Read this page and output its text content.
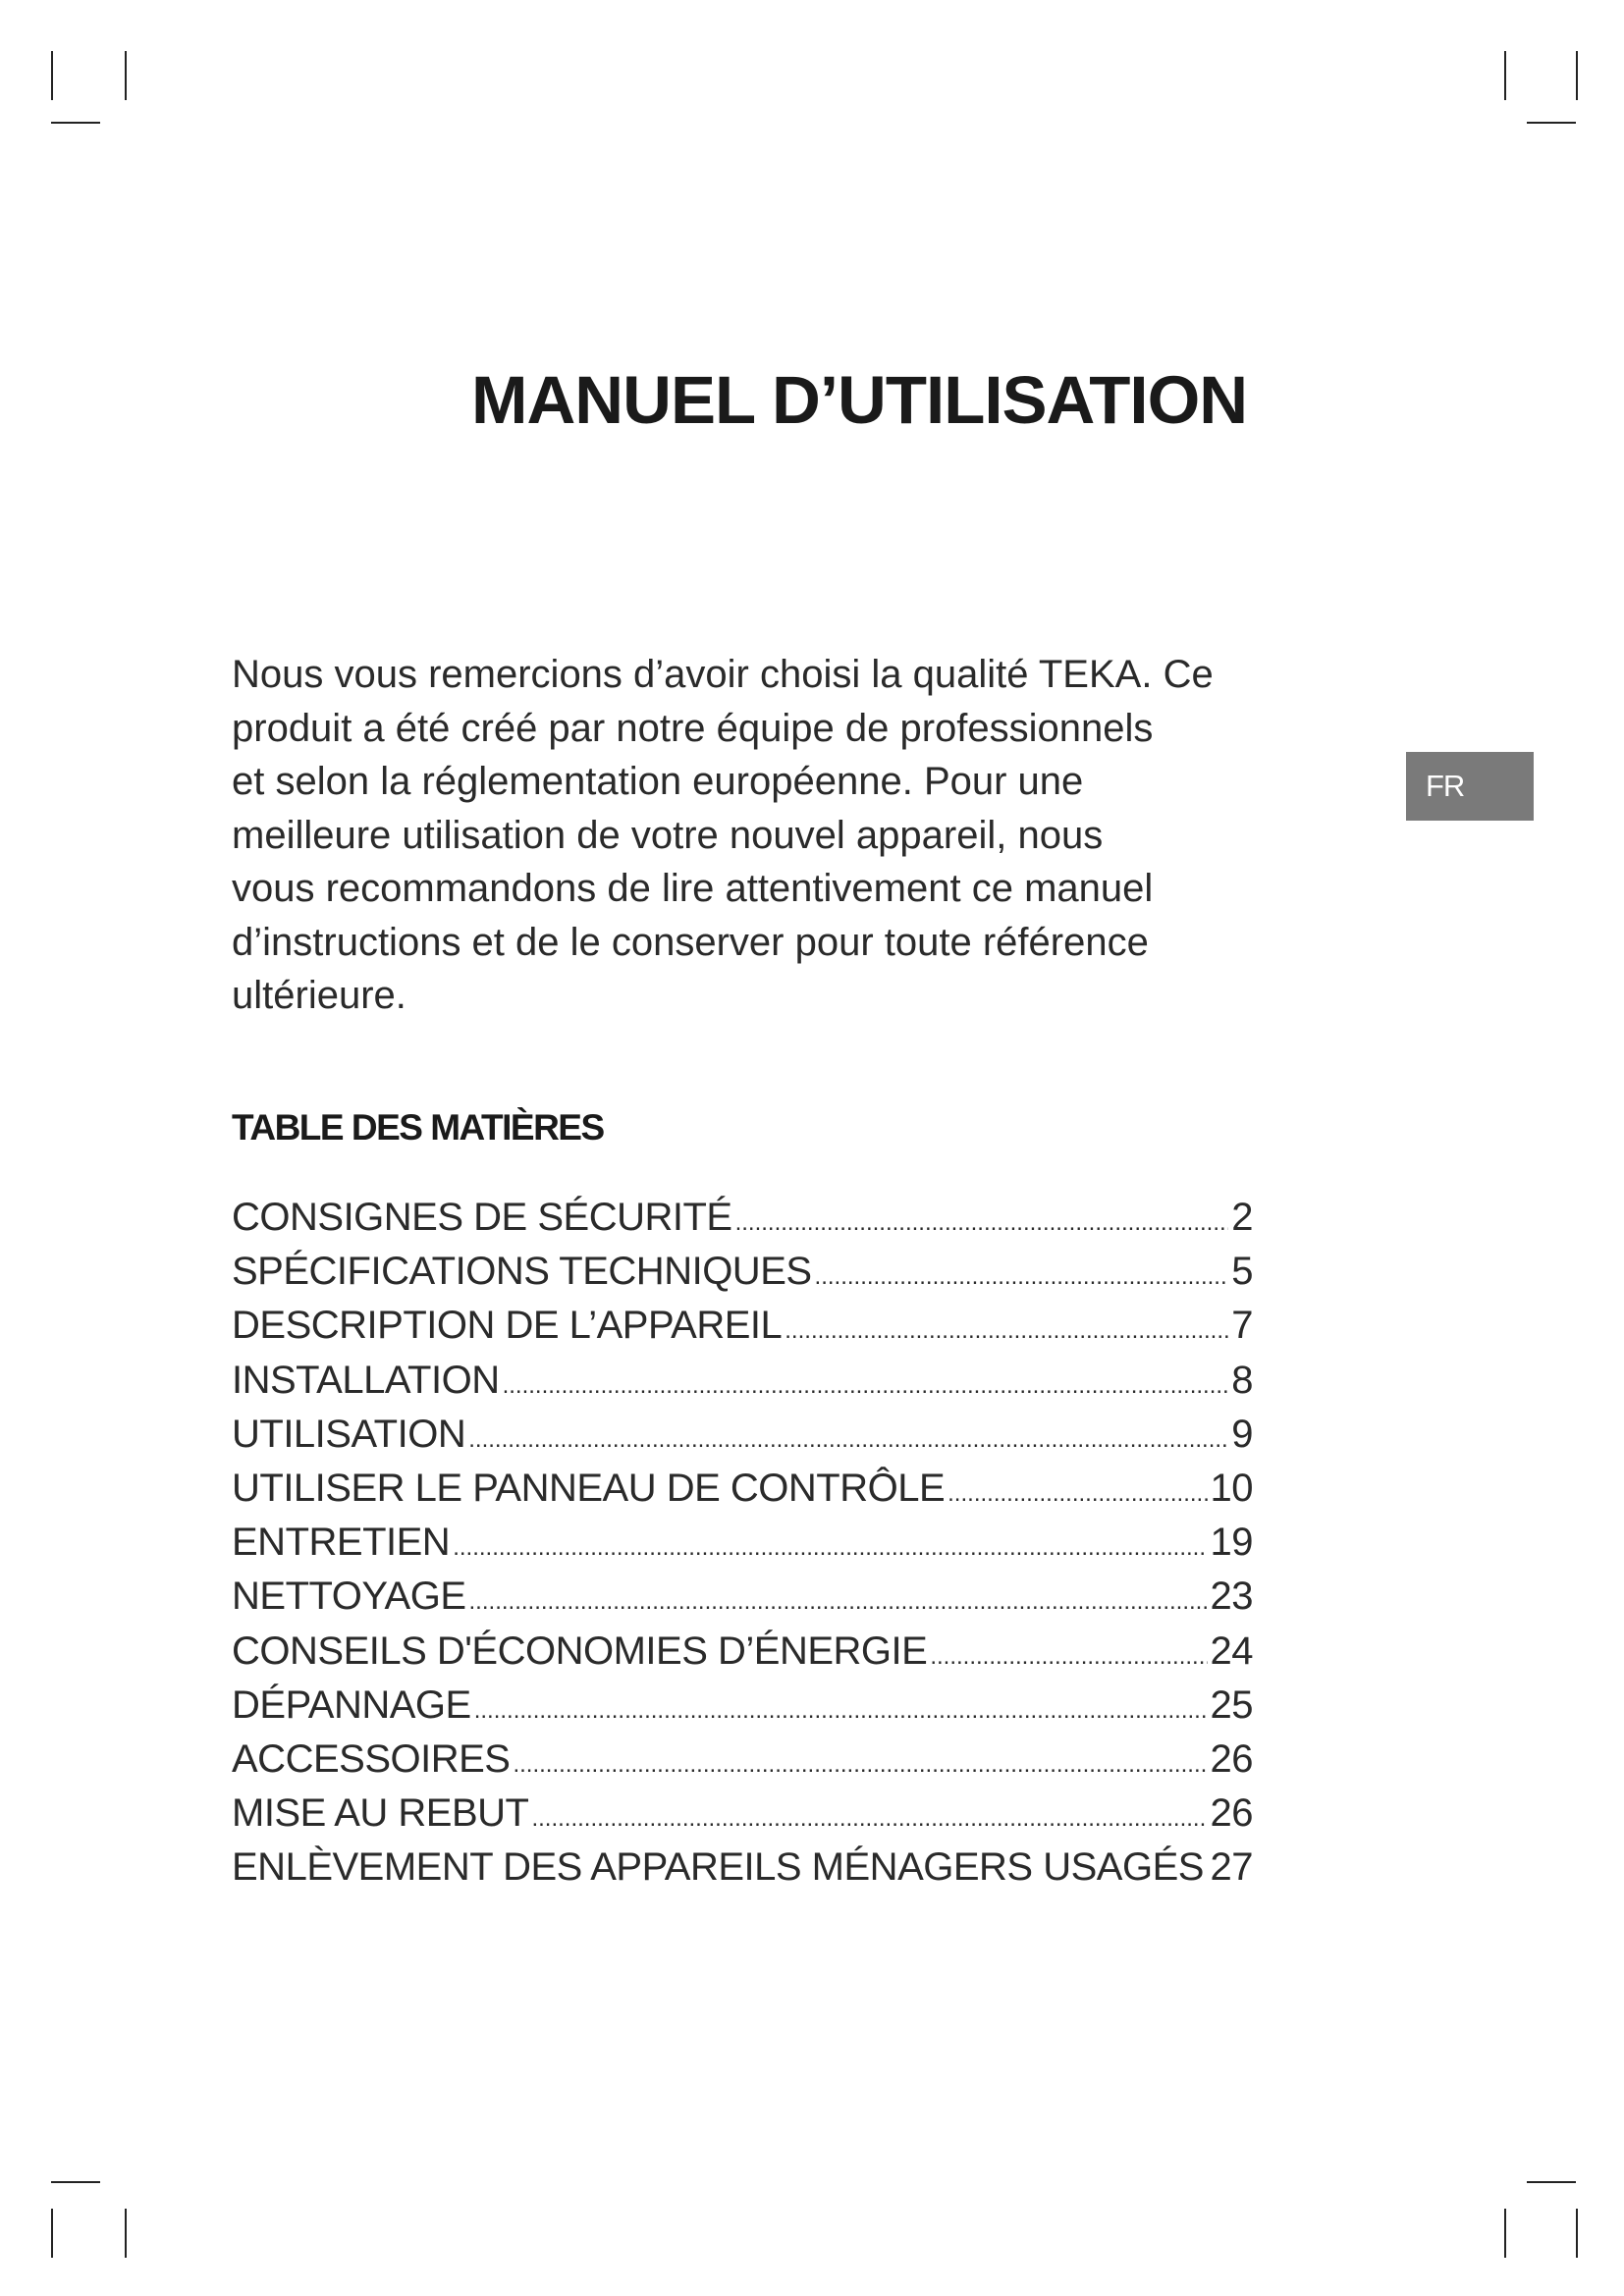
MANUEL D’UTILISATION
Nous vous remercions d’avoir choisi la qualité TEKA. Ce
produit a été créé par notre équipe de professionnels
et selon la réglementation européenne. Pour une
meilleure utilisation de votre nouvel appareil, nous
vous recommandons de lire attentivement ce manuel
d’instructions et de le conserver pour toute référence
ultérieure.
FR
TABLE DES MATIÈRES
CONSIGNES DE SÉCURITÉ .....	2
SPÉCIFICATIONS TECHNIQUES .....	5
DESCRIPTION DE L’APPAREIL .....	7
INSTALLATION .....	8
UTILISATION .....	9
UTILISER LE PANNEAU DE CONTRÔLE .....	10
ENTRETIEN .....	19
NETTOYAGE .....	23
CONSEILS D'ÉCONOMIES D’ÉNERGIE .....	24
DÉPANNAGE .....	25
ACCESSOIRES .....	26
MISE AU REBUT .....	26
ENLÈVEMENT DES APPAREILS MÉNAGERS USAGÉS ..... 27
